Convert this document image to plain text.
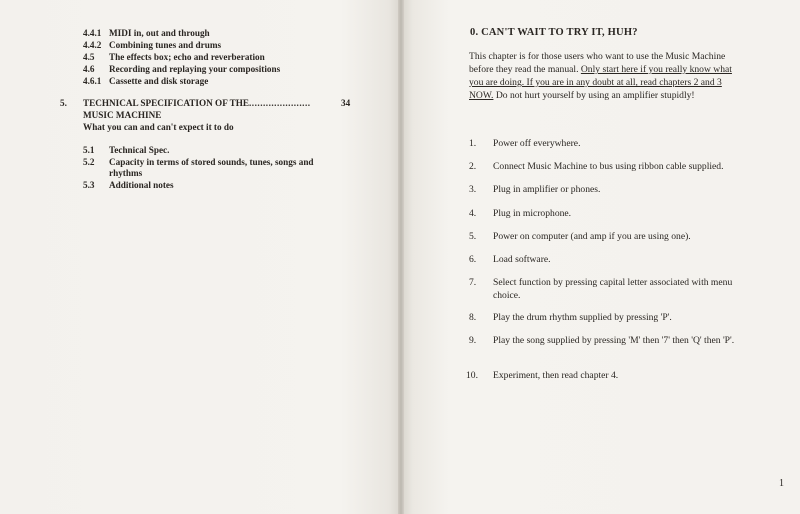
4.4.1 MIDI in, out and through
4.4.2 Combining tunes and drums
4.5 The effects box; echo and reverberation
4.6 Recording and replaying your compositions
4.6.1 Cassette and disk storage
5. TECHNICAL SPECIFICATION OF THE ......................	34
MUSIC MACHINE
What you can and can't expect it to do
5.1 Technical Spec.
5.2 Capacity in terms of stored sounds, tunes, songs and
rhythms
5.3 Additional notes
0. CAN'T WAIT TO TRY IT, HUH?
This chapter is for those users who want to use the Music Machine
before they read the manual. Only start here if you really know what
you are doing. If you are in any doubt at all, read chapters 2 and 3
NOW. Do not hurt yourself by using an amplifier stupidly!
1. Power off everywhere.
2. Connect Music Machine to bus using ribbon cable supplied.
3. Plug in amplifier or phones.
4. Plug in microphone.
5. Power on computer (and amp if you are using one).
6. Load software.
7. Select function by pressing capital letter associated with menu choice.
8. Play the drum rhythm supplied by pressing 'P'.
9. Play the song supplied by pressing 'M' then '7' then 'Q' then 'P'.
10. Experiment, then read chapter 4.
1
